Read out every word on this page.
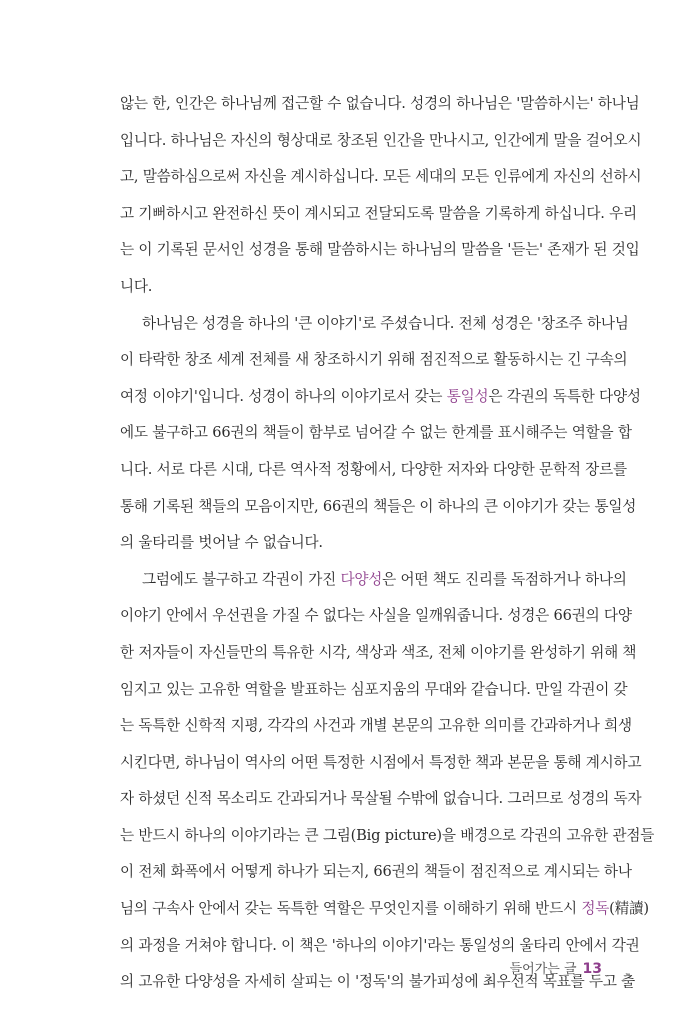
않는 한, 인간은 하나님께 접근할 수 없습니다. 성경의 하나님은 '말씀하시는' 하나님
입니다. 하나님은 자신의 형상대로 창조된 인간을 만나시고, 인간에게 말을 걸어오시
고, 말씀하심으로써 자신을 계시하십니다. 모든 세대의 모든 인류에게 자신의 선하시
고 기뻐하시고 완전하신 뜻이 계시되고 전달되도록 말씀을 기록하게 하십니다. 우리
는 이 기록된 문서인 성경을 통해 말씀하시는 하나님의 말씀을 '듣는' 존재가 된 것입
니다.
하나님은 성경을 하나의 '큰 이야기'로 주셨습니다. 전체 성경은 '창조주 하나님
이 타락한 창조 세계 전체를 새 창조하시기 위해 점진적으로 활동하시는 긴 구속의
여정 이야기'입니다. 성경이 하나의 이야기로서 갖는 통일성은 각권의 독특한 다양성
에도 불구하고 66권의 책들이 함부로 넘어갈 수 없는 한계를 표시해주는 역할을 합
니다. 서로 다른 시대, 다른 역사적 정황에서, 다양한 저자와 다양한 문학적 장르를
통해 기록된 책들의 모음이지만, 66권의 책들은 이 하나의 큰 이야기가 갖는 통일성
의 울타리를 벗어날 수 없습니다.
그럼에도 불구하고 각권이 가진 다양성은 어떤 책도 진리를 독점하거나 하나의
이야기 안에서 우선권을 가질 수 없다는 사실을 일깨워줍니다. 성경은 66권의 다양
한 저자들이 자신들만의 특유한 시각, 색상과 색조, 전체 이야기를 완성하기 위해 책
임지고 있는 고유한 역할을 발표하는 심포지움의 무대와 같습니다. 만일 각권이 갖
는 독특한 신학적 지평, 각각의 사건과 개별 본문의 고유한 의미를 간과하거나 희생
시킨다면, 하나님이 역사의 어떤 특정한 시점에서 특정한 책과 본문을 통해 계시하고
자 하셨던 신적 목소리도 간과되거나 묵살될 수밖에 없습니다. 그러므로 성경의 독자
는 반드시 하나의 이야기라는 큰 그림(Big picture)을 배경으로 각권의 고유한 관점들
이 전체 화폭에서 어떻게 하나가 되는지, 66권의 책들이 점진적으로 계시되는 하나
님의 구속사 안에서 갖는 독특한 역할은 무엇인지를 이해하기 위해 반드시 정독(精讀)
의 과정을 거쳐야 합니다. 이 책은 '하나의 이야기'라는 통일성의 울타리 안에서 각권
의 고유한 다양성을 자세히 살피는 이 '정독'의 불가피성에 최우선적 목표를 두고 출
들어가는 글 13
